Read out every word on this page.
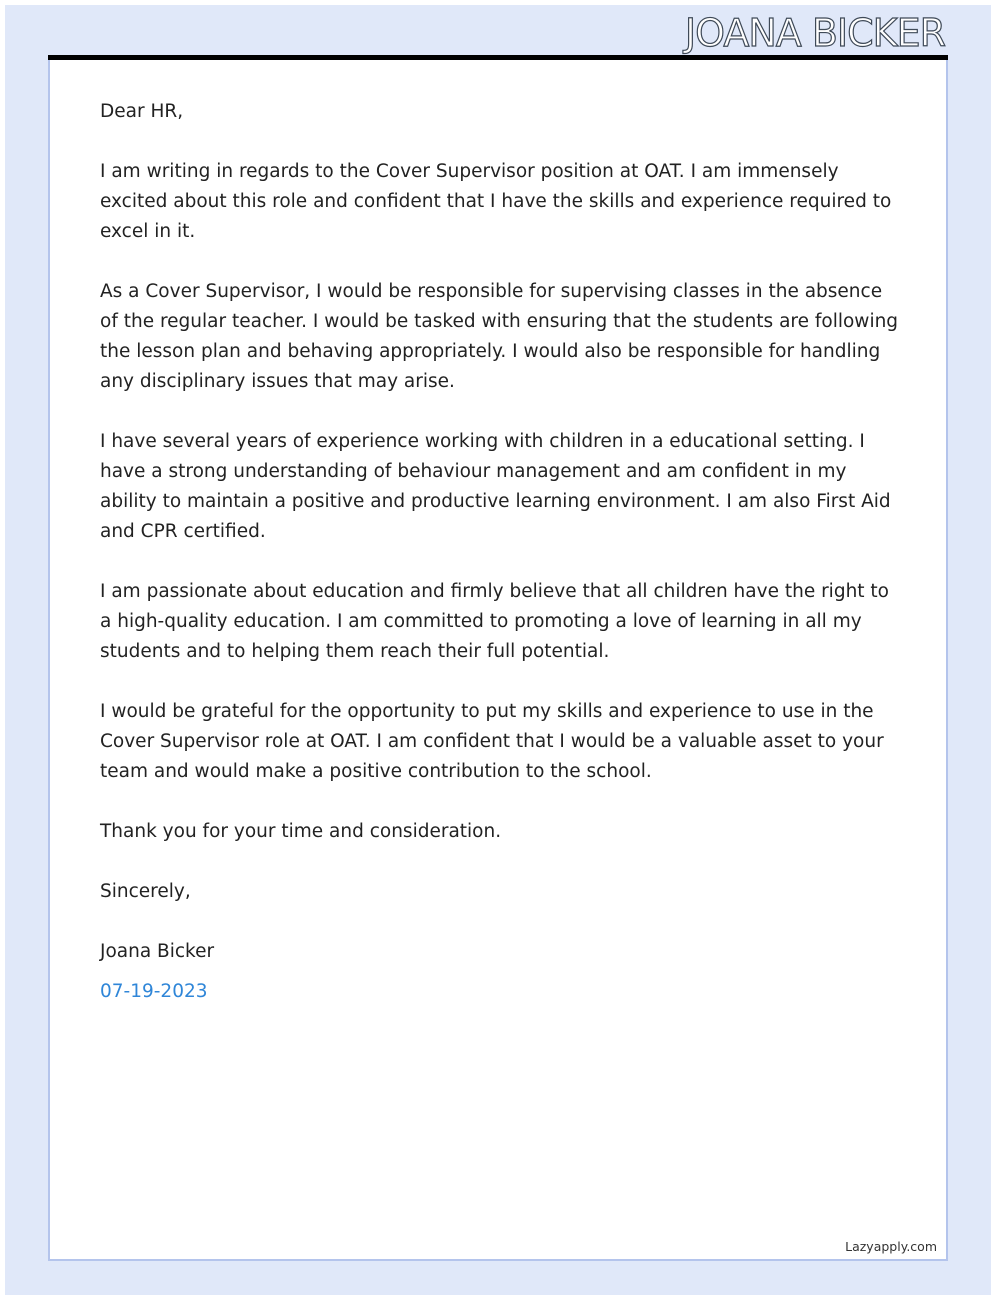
JOANA BICKER

Dear HR,

I am writing in regards to the Cover Supervisor position at OAT. I am immensely excited about this role and confident that I have the skills and experience required to excel in it.

As a Cover Supervisor, I would be responsible for supervising classes in the absence of the regular teacher. I would be tasked with ensuring that the students are following the lesson plan and behaving appropriately. I would also be responsible for handling any disciplinary issues that may arise.

I have several years of experience working with children in a educational setting. I have a strong understanding of behaviour management and am confident in my ability to maintain a positive and productive learning environment. I am also First Aid and CPR certified.

I am passionate about education and firmly believe that all children have the right to a high-quality education. I am committed to promoting a love of learning in all my students and to helping them reach their full potential.

I would be grateful for the opportunity to put my skills and experience to use in the Cover Supervisor role at OAT. I am confident that I would be a valuable asset to your team and would make a positive contribution to the school.

Thank you for your time and consideration.

Sincerely,

Joana Bicker

07-19-2023

Lazyapply.com
